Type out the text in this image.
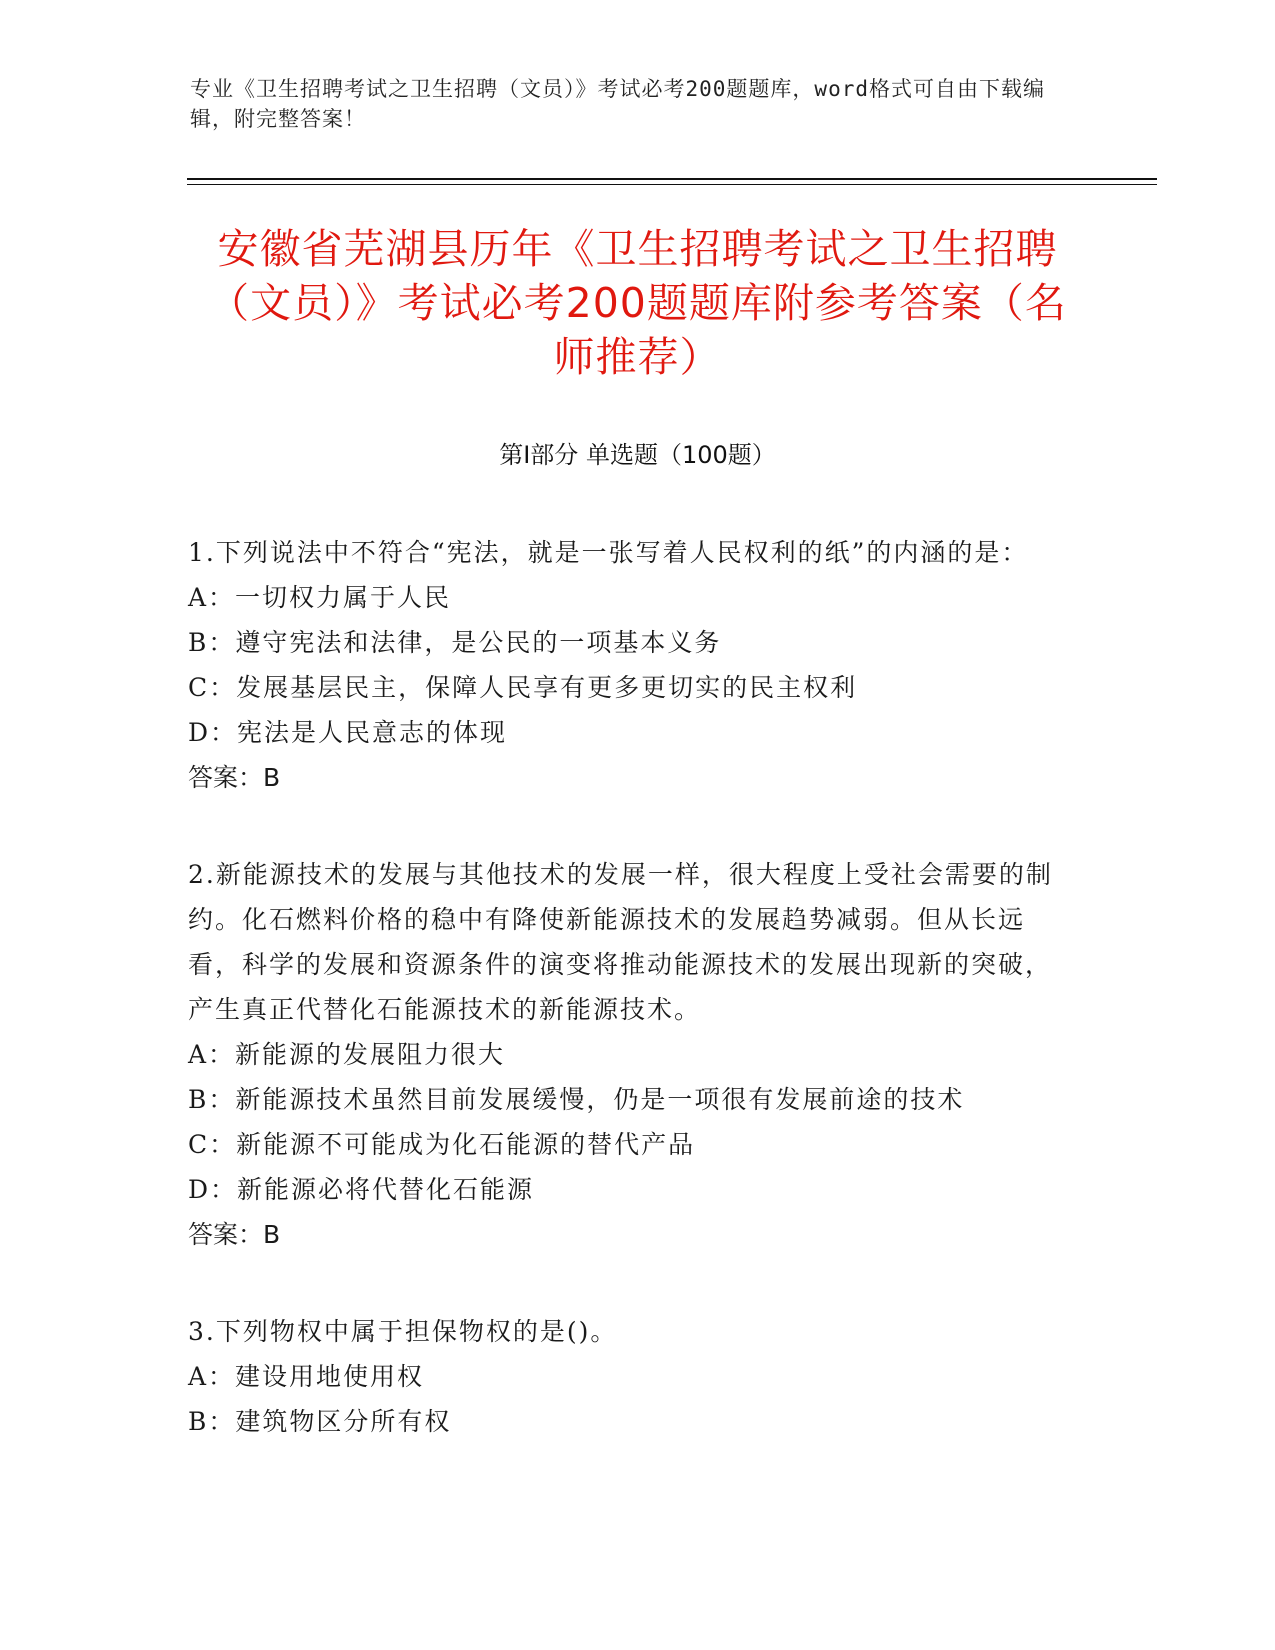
专业《卫生招聘考试之卫生招聘（文员）》考试必考200题题库，word格式可自由下载编辑，附完整答案！
安徽省芜湖县历年《卫生招聘考试之卫生招聘（文员）》考试必考200题题库附参考答案（名师推荐）
第I部分 单选题（100题）

1.下列说法中不符合“宪法，就是一张写着人民权利的纸”的内涵的是：

A：一切权力属于人民

B：遵守宪法和法律，是公民的一项基本义务

C：发展基层民主，保障人民享有更多更切实的民主权利

D：宪法是人民意志的体现

答案：B

2.新能源技术的发展与其他技术的发展一样，很大程度上受社会需要的制约。化石燃料价格的稳中有降使新能源技术的发展趋势减弱。但从长远看，科学的发展和资源条件的演变将推动能源技术的发展出现新的突破，产生真正代替化石能源技术的新能源技术。

A：新能源的发展阻力很大

B：新能源技术虽然目前发展缓慢，仍是一项很有发展前途的技术

C：新能源不可能成为化石能源的替代产品

D：新能源必将代替化石能源

答案：B

3.下列物权中属于担保物权的是()。

A：建设用地使用权

B：建筑物区分所有权
